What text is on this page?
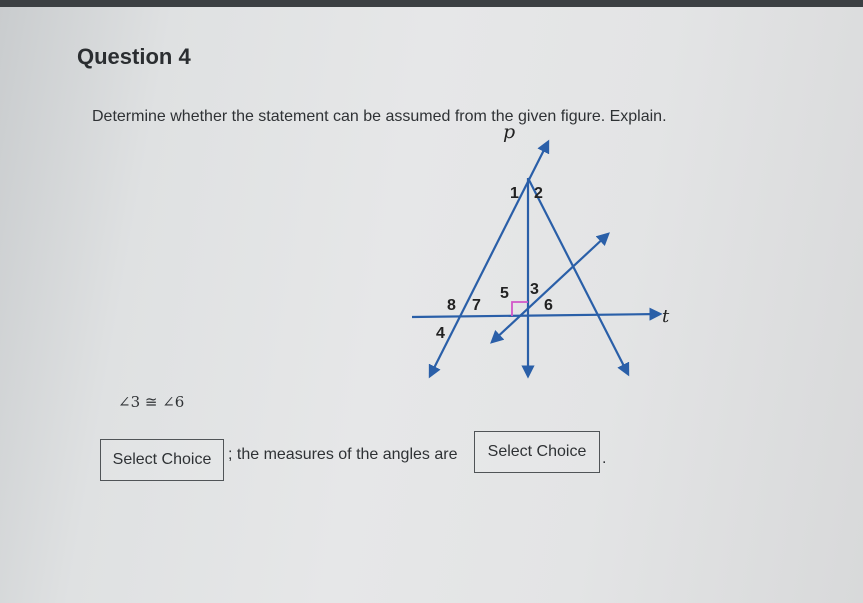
Question 4
Determine whether the statement can be assumed from the given figure. Explain.
p
t
1 2
3
4
5
6
7
8
∠3 ≅ ∠6
Select Choice ; the measures of the angles are Select Choice .
